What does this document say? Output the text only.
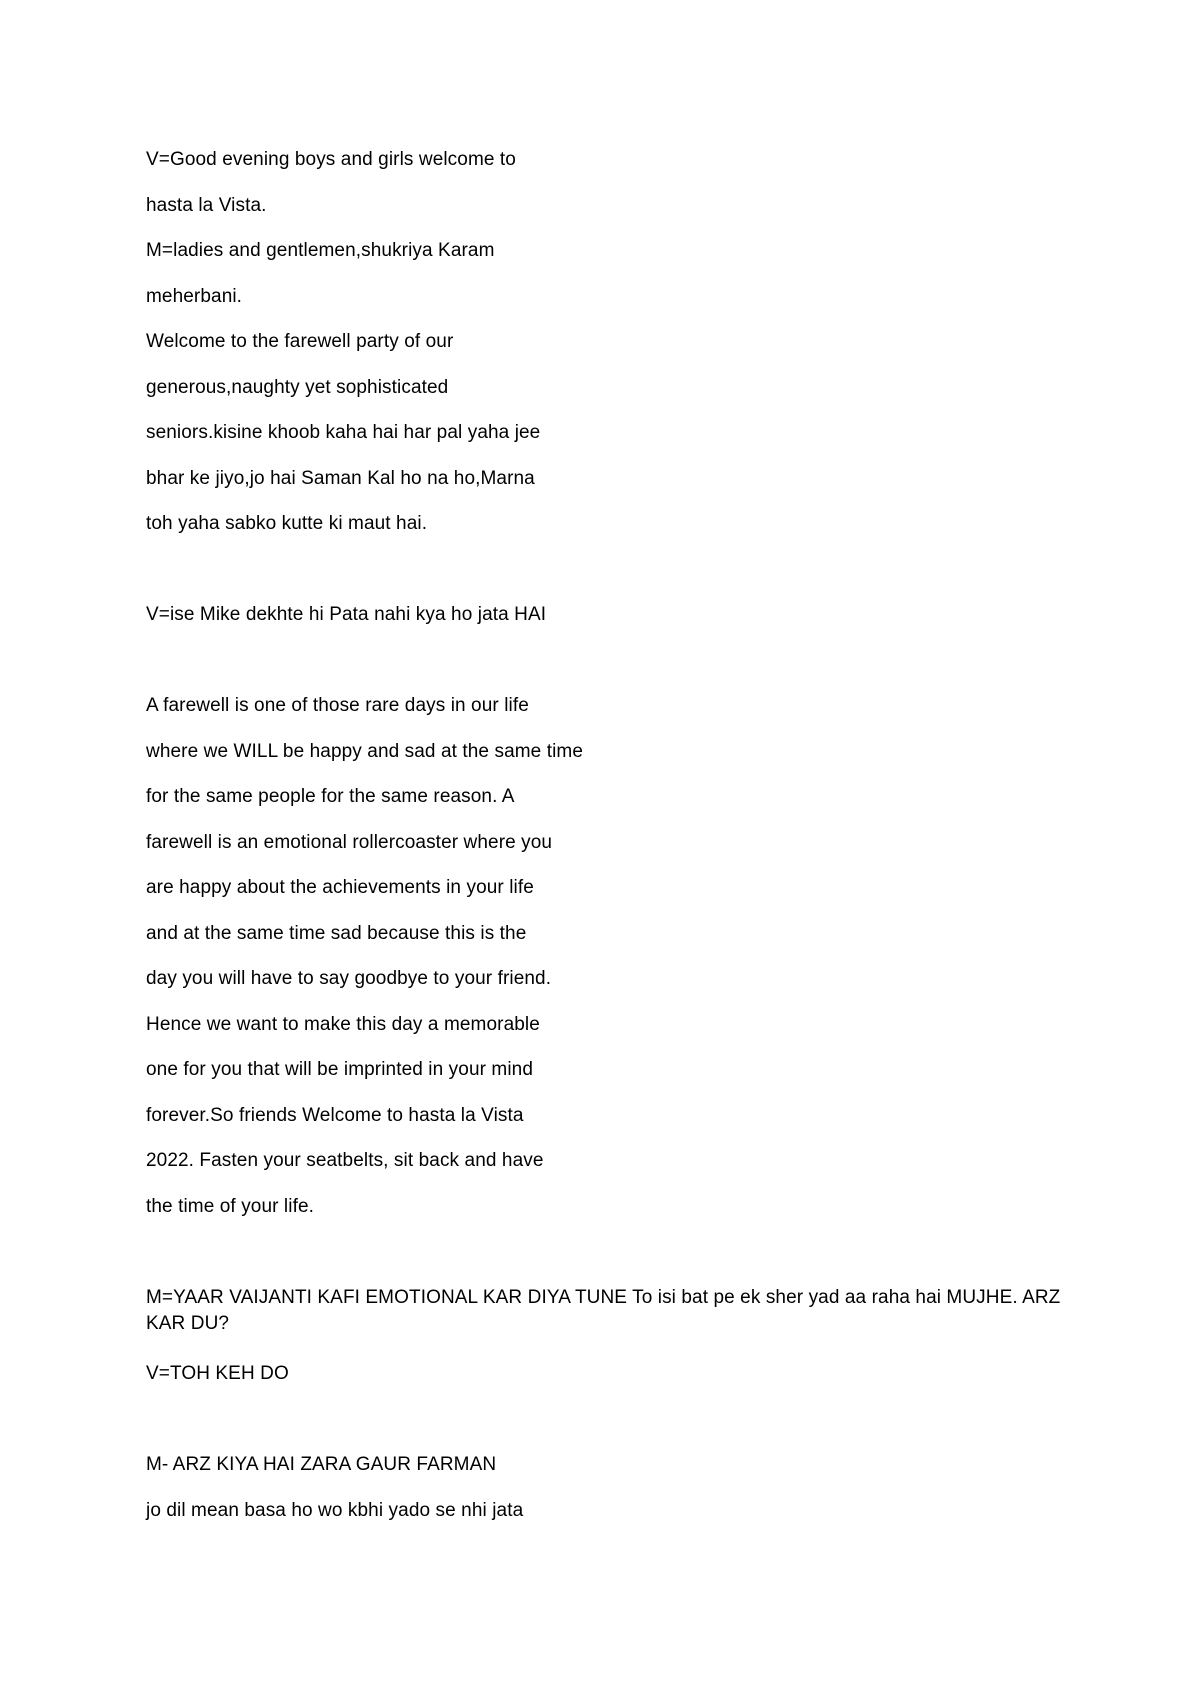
V=Good evening boys and girls welcome to
hasta la Vista.
M=ladies and gentlemen,shukriya Karam
meherbani.
Welcome to the farewell party of our
generous,naughty yet sophisticated
seniors.kisine khoob kaha hai har pal yaha jee
bhar ke jiyo,jo hai Saman Kal ho na ho,Marna
toh yaha sabko kutte ki maut hai.
V=ise Mike dekhte hi Pata nahi kya ho jata HAI
A farewell is one of those rare days in our life
where we WILL be happy and sad at the same time
for the same people for the same reason. A
farewell is an emotional rollercoaster where you
are happy about the achievements in your life
and at the same time sad because this is the
day you will have to say goodbye to your friend.
Hence we want to make this day a memorable
one for you that will be imprinted in your mind
forever.So friends Welcome to hasta la Vista
2022. Fasten your seatbelts, sit back and have
the time of your life.
M=YAAR VAIJANTI KAFI EMOTIONAL KAR DIYA TUNE To isi bat pe ek sher yad aa raha hai MUJHE. ARZ KAR DU?
V=TOH KEH DO
M- ARZ KIYA HAI ZARA GAUR FARMAN
jo dil mean basa ho wo kbhi yado se nhi jata
